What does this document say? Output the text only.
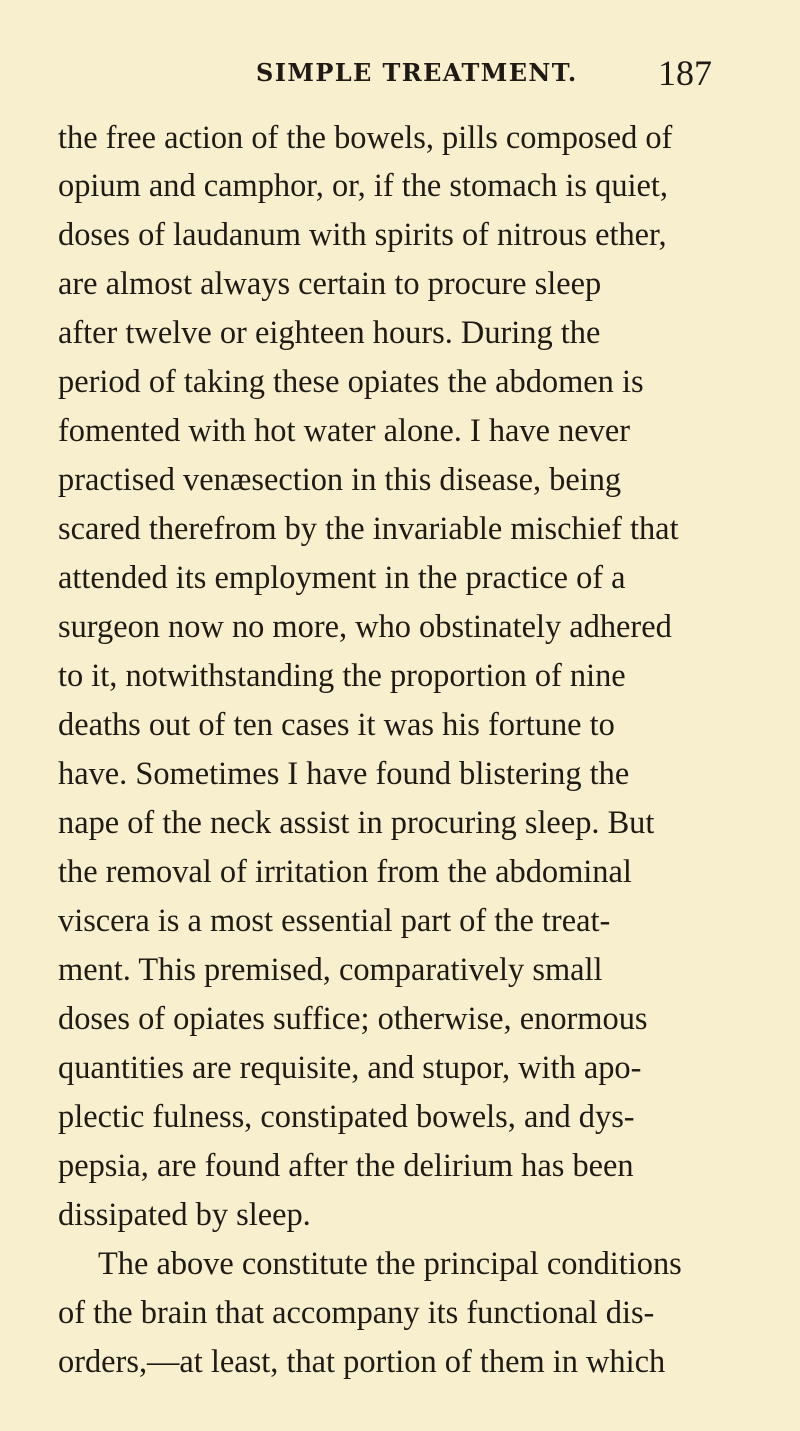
SIMPLE TREATMENT. 187
the free action of the bowels, pills composed of
opium and camphor, or, if the stomach is quiet,
doses of laudanum with spirits of nitrous ether,
are almost always certain to procure sleep
after twelve or eighteen hours. During the
period of taking these opiates the abdomen is
fomented with hot water alone. I have never
practised venæsection in this disease, being
scared therefrom by the invariable mischief that
attended its employment in the practice of a
surgeon now no more, who obstinately adhered
to it, notwithstanding the proportion of nine
deaths out of ten cases it was his fortune to
have. Sometimes I have found blistering the
nape of the neck assist in procuring sleep. But
the removal of irritation from the abdominal
viscera is a most essential part of the treat-
ment. This premised, comparatively small
doses of opiates suffice; otherwise, enormous
quantities are requisite, and stupor, with apo-
plectic fulness, constipated bowels, and dys-
pepsia, are found after the delirium has been
dissipated by sleep.
The above constitute the principal conditions
of the brain that accompany its functional dis-
orders,—at least, that portion of them in which
